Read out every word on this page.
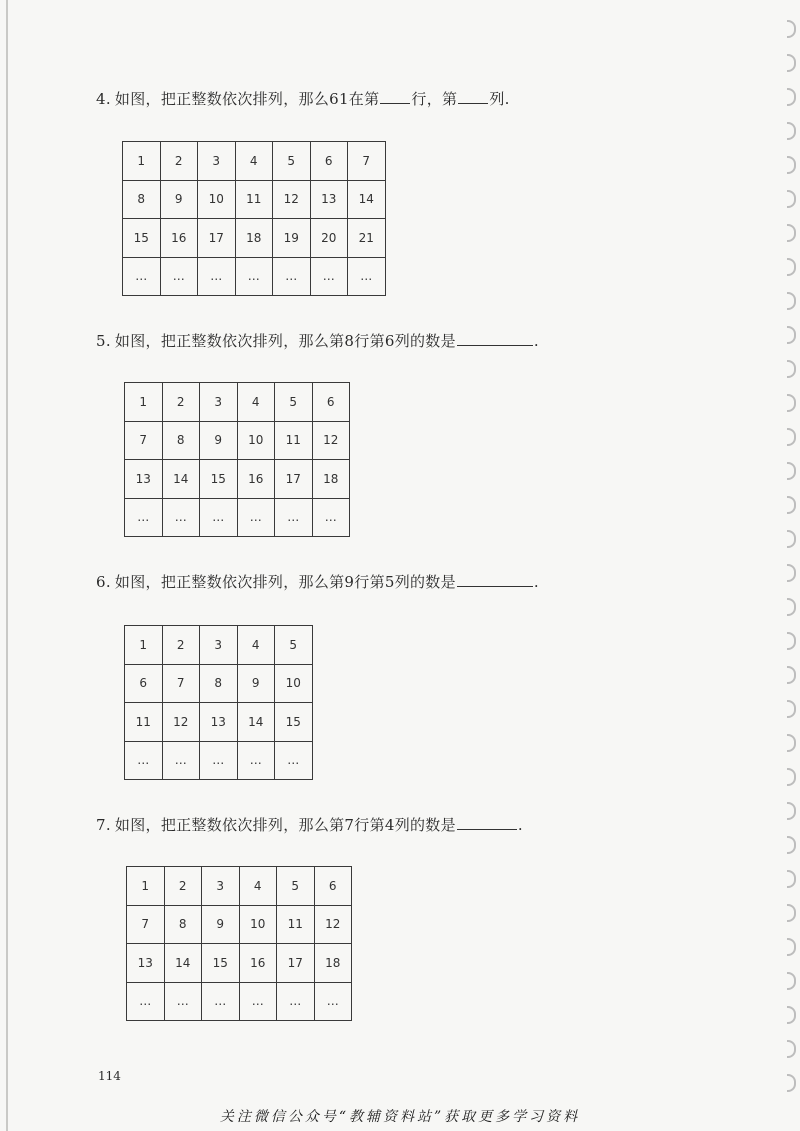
4. 如图，把正整数依次排列，那么61在第 行，第 列.
1	2	3	4	5	6	7
8	9	10	11	12	13	14
15	16	17	18	19	20	21
…	…	…	…	…	…	…
5. 如图，把正整数依次排列，那么第8行第6列的数是	.
1	2	3	4	5	6
7	8	9	10	11	12
13	14	15	16	17	18
…	…	…	…	…	…
6. 如图，把正整数依次排列，那么第9行第5列的数是	.
1	2	3	4	5
6	7	8	9	10
11	12	13	14	15
…	…	…	…	…
7. 如图，把正整数依次排列，那么第7行第4列的数是	.
1	2	3	4	5	6
7	8	9	10	11	12
13	14	15	16	17	18
…	…	…	…	…	…
114
关注微信公众号“教辅资料站”获取更多学习资料
